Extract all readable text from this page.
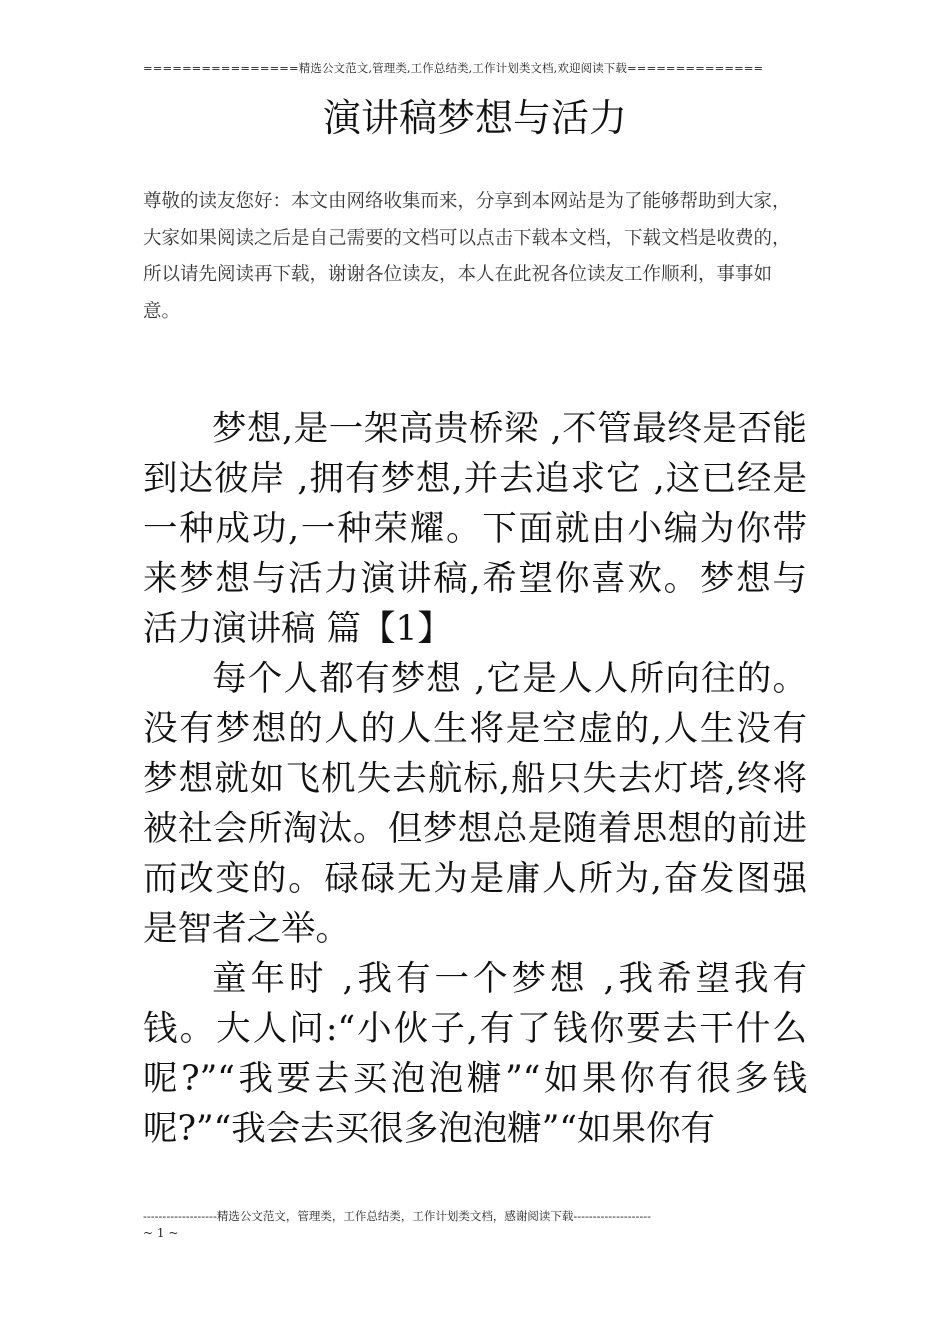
================精选公文范文,管理类,工作总结类,工作计划类文档,欢迎阅读下载==============
演讲稿梦想与活力

尊敬的读友您好：本文由网络收集而来，分享到本网站是为了能够帮助到大家，大家如果阅读之后是自己需要的文档可以点击下载本文档，下载文档是收费的，所以请先阅读再下载，谢谢各位读友，本人在此祝各位读友工作顺利，事事如意。

梦想,是一架高贵桥梁 ,不管最终是否能到达彼岸 ,拥有梦想,并去追求它 ,这已经是一种成功,一种荣耀。下面就由小编为你带来梦想与活力演讲稿,希望你喜欢。梦想与活力演讲稿 篇【1】

每个人都有梦想 ,它是人人所向往的。没有梦想的人的人生将是空虚的,人生没有梦想就如飞机失去航标,船只失去灯塔,终将被社会所淘汰。但梦想总是随着思想的前进而改变的。碌碌无为是庸人所为,奋发图强是智者之举。

童年时 ,我有一个梦想 ,我希望我有钱。大人问:“小伙子,有了钱你要去干什么呢?”“我要去买泡泡糖”“如果你有很多钱呢?”“我会去买很多泡泡糖”“如果你有

-------------------精选公文范文，管理类，工作总结类，工作计划类文档，感谢阅读下载--------------------
~ 1 ~
